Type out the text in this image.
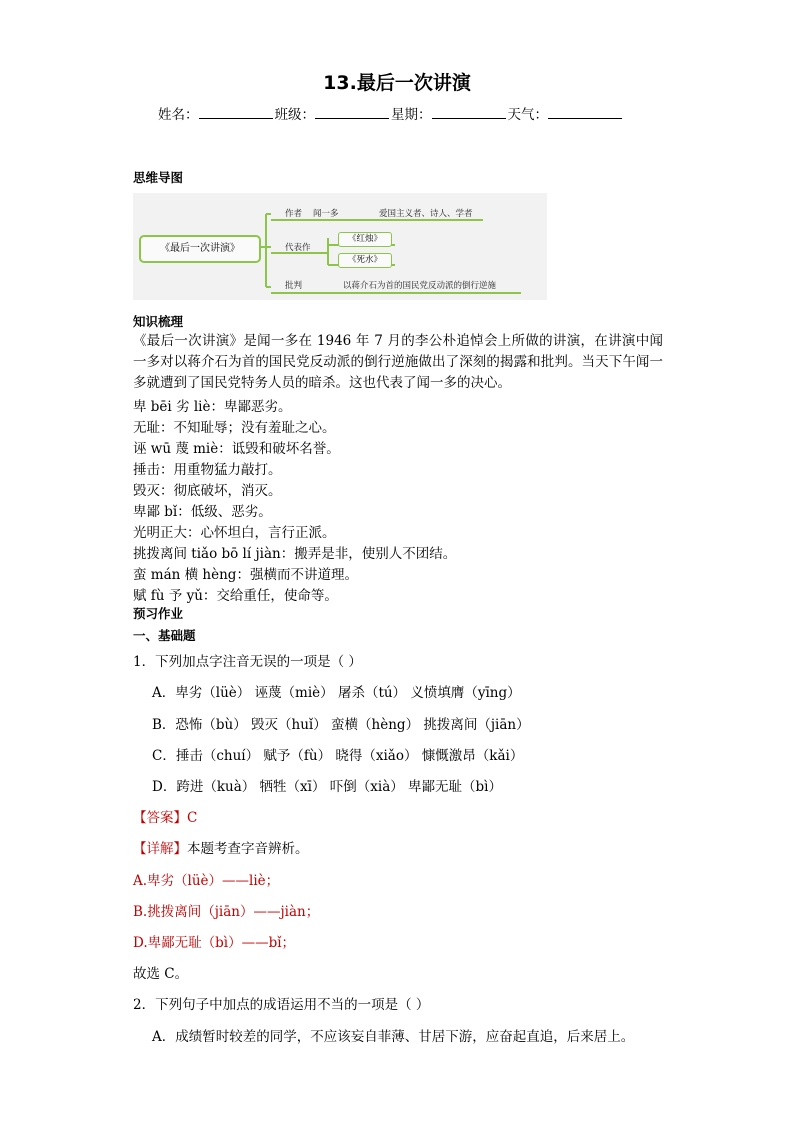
13.最后一次讲演
姓名：	班级：	星期：	天气：
思维导图
《最后一次讲演》
作者 闻一多	爱国主义者、诗人、学者
代表作
《红烛》
《死水》
批判	以蒋介石为首的国民党反动派的倒行逆施
知识梳理
《最后一次讲演》是闻一多在 1946 年 7 月的李公朴追悼会上所做的讲演，在讲演中闻一多对以蒋介石为首的国民党反动派的倒行逆施做出了深刻的揭露和批判。当天下午闻一多就遭到了国民党特务人员的暗杀。这也代表了闻一多的决心。
卑 bēi 劣 liè：卑鄙恶劣。
无耻：不知耻辱；没有羞耻之心。
诬 wū 蔑 miè：诋毁和破坏名誉。
捶击：用重物猛力敲打。
毁灭：彻底破坏，消灭。
卑鄙 bǐ：低级、恶劣。
光明正大：心怀坦白，言行正派。
挑拨离间 tiǎo bō lí jiàn：搬弄是非，使别人不团结。
蛮 mán 横 hèng：强横而不讲道理。
赋 fù 予 yǔ：交给重任，使命等。
预习作业
一、基础题
1．下列加点字注音无误的一项是（ ）
A．卑劣（lüè） 诬蔑（miè） 屠杀（tú） 义愤填膺（yīng）
B．恐怖（bù） 毁灭（huǐ） 蛮横（hèng） 挑拨离间（jiān）
C．捶击（chuí） 赋予（fù） 晓得（xiǎo） 慷慨激昂（kǎi）
D．跨进（kuà） 牺牲（xī） 吓倒（xià） 卑鄙无耻（bì）
【答案】C
【详解】本题考查字音辨析。
A.卑劣（lüè）——liè；
B.挑拨离间（jiān）——jiàn；
D.卑鄙无耻（bì）——bǐ；
故选 C。
2．下列句子中加点的成语运用不当的一项是（ ）
A．成绩暂时较差的同学，不应该妄自菲薄、甘居下游，应奋起直追，后来居上。
